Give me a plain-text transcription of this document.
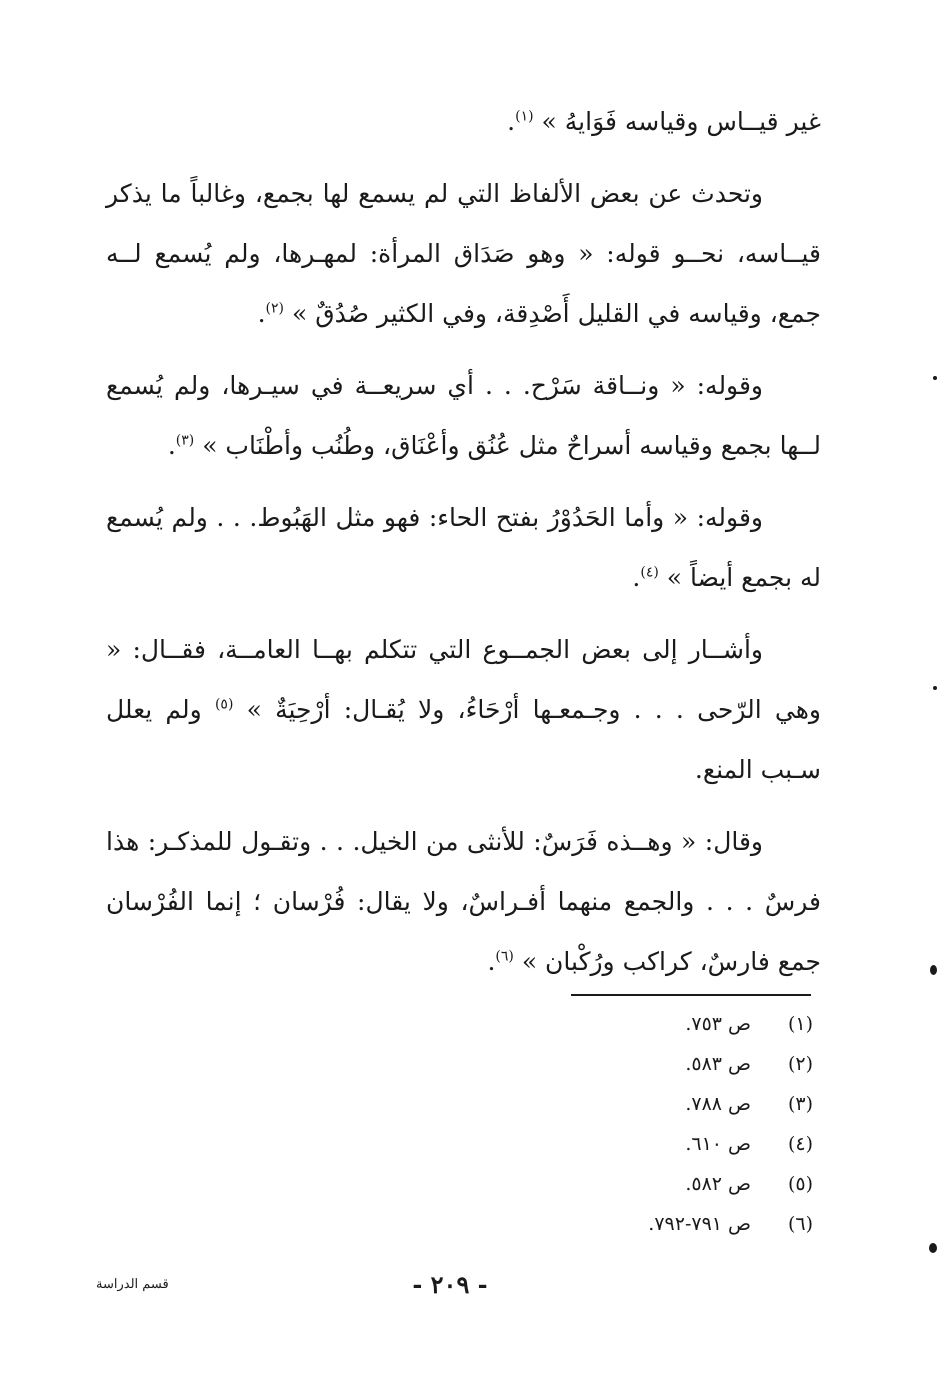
غير قيــاس وقياسه فَوَايهُ » $^{(١)}$.

وتحدث عن بعض الألفاظ التي لم يسمع لها بجمع، وغالباً ما يذكر قيــاسه، نحــو قوله: « وهو صَدَاق المرأة: لمهـرها، ولم يُسمع لــه جمع، وقياسه في القليل أَصْدِقة، وفي الكثير صُدُقٌ » $^{(٢)}$.

وقوله: « ونــاقة سَرْح. . . أي سريعــة في سيـرها، ولم يُسمع لــها بجمع وقياسه أسراحٌ مثل عُنُق وأعْنَاق، وطُنُب وأطْنَاب » $^{(٣)}$.

وقوله: « وأما الحَدُوْرُ بفتح الحاء: فهو مثل الهَبُوط. . . ولم يُسمع له بجمع أيضاً » $^{(٤)}$.

وأشــار إلى بعض الجمــوع التي تتكلم بهــا العامــة، فقــال: « وهي الرّحى . . . وجـمعـها أرْحَاءُ، ولا يُقـال: أرْحِيَةٌ » $^{(٥)}$ ولم يعلل سـبب المنع.

وقال: « وهــذه فَرَسٌ: للأنثى من الخيل. . . وتقـول للمذكـر: هذا فرسٌ . . . والجمع منهما أفـراسٌ، ولا يقال: فُرْسان ؛ إنما الفُرْسان جمع فارسٌ، كراكب ورُكْبان » $^{(٦)}$.

(١)ص ٧٥٣.
(٢)ص ٥٨٣.
(٣)ص ٧٨٨.
(٤)ص ٦١٠.
(٥)ص ٥٨٢.
(٦)ص ٧٩١-٧٩٢.
- ٢٠٩ -
قسم الدراسة
